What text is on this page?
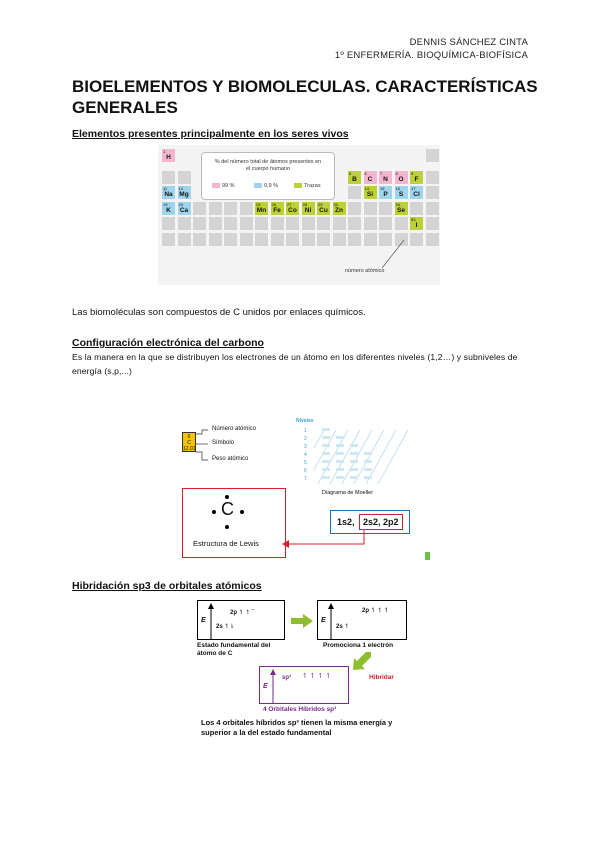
DENNIS SÁNCHEZ CINTA
1º ENFERMERÍA. BIOQUÍMICA-BIOFÍSICA
BIOELEMENTOS Y BIOMOLECULAS. CARACTERÍSTICAS GENERALES
Elementos presentes principalmente en los seres vivos
1
H
11
Na
12
Mg
19
K
20
Ca
5
B
6
C
7
N
8
O
9
F
14
Si
15
P
16
S
17
Cl
25
Mn
26
Fe
27
Co
28
Ni
29
Cu
30
Zn
34
Se
53
I
% del número total de átomos presentes en el cuerpo humano
99 %	0,9 %	Trazas
número atómico
Las biomoléculas son compuestos de C unidos por enlaces químicos.
Configuración electrónica del carbono
Es la manera en la que se distribuyen los electrones de un átomo en los diferentes niveles (1,2…) y subniveles de energía (s,p,...)
6
C
12.01
Número atómico
Símbolo
Peso atómico
Niveles
1
2
3
4
5
6
7
Diagrama de Moeller
C
Estructura de Lewis
1s2, 2s2, 2p2
Hibridación sp3 de orbitales atómicos
E
2s ↿⇂
2p ↿ ↿ ‾
Estado fundamental del átomo de C
E
2s ↿
2p ↿ ↿ ↿
Promociona 1 electrón
Hibridar
E
sp³ ↿ ↿ ↿ ↿
4 Orbitales Híbridos sp³
Los 4 orbitales híbridos sp³ tienen la misma energía y superior a la del estado fundamental
